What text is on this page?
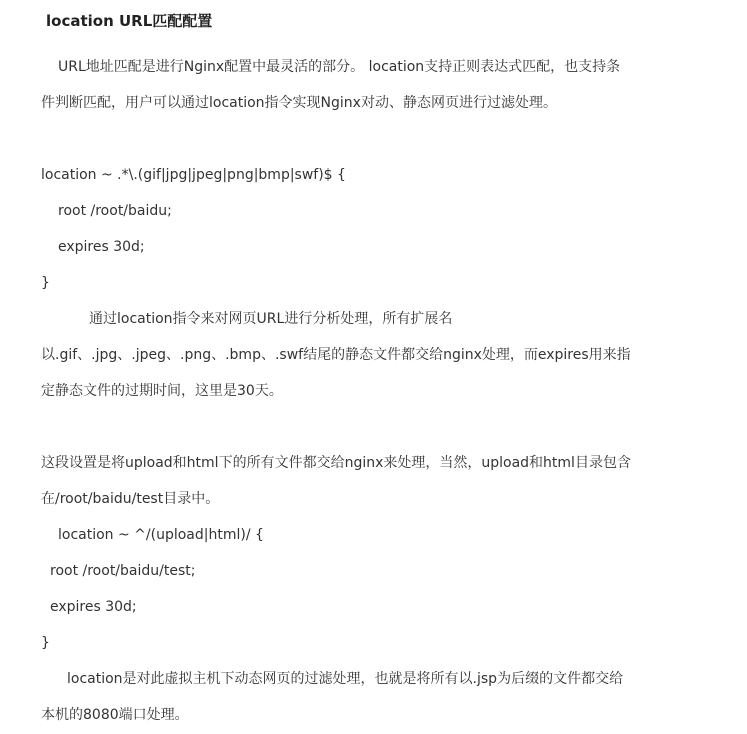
location URL匹配配置

URL地址匹配是进行Nginx配置中最灵活的部分。 location支持正则表达式匹配，也支持条

件判断匹配，用户可以通过location指令实现Nginx对动、静态网页进行过滤处理。

location ~ .*\.(gif|jpg|jpeg|png|bmp|swf)$ {

root /root/baidu;

expires 30d;

}

通过location指令来对网页URL进行分析处理，所有扩展名

以.gif、.jpg、.jpeg、.png、.bmp、.swf结尾的静态文件都交给nginx处理，而expires用来指

定静态文件的过期时间，这里是30天。

这段设置是将upload和html下的所有文件都交给nginx来处理，当然，upload和html目录包含

在/root/baidu/test目录中。

location ~ ^/(upload|html)/ {

root /root/baidu/test;

expires 30d;

}

location是对此虚拟主机下动态网页的过滤处理，也就是将所有以.jsp为后缀的文件都交给

本机的8080端口处理。
